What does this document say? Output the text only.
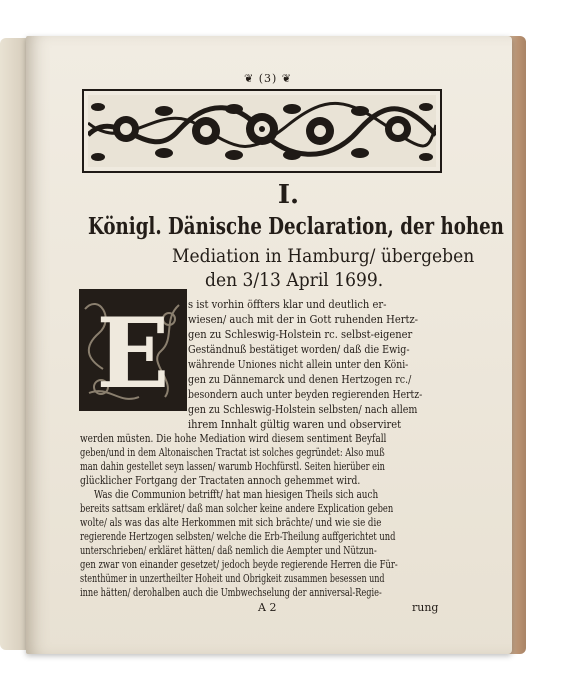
❦ (3) ❦
I.
Königl. Dänische Declaration, der hohen
Mediation in Hamburg/ übergeben
den 3/13 April 1699.
E	s ist vorhin öffters klar und deutlich er-
wiesen/ auch mit der in Gott ruhenden Hertz-
gen zu Schleswig-Holstein rc. selbst-eigener
Geständnuß bestätiget worden/ daß die Ewig-
währende Uniones nicht allein unter den Köni-
gen zu Dännemarck und denen Hertzogen rc./
besondern auch unter beyden regierenden Hertz-
gen zu Schleswig-Holstein selbsten/ nach allem
ihrem Innhalt gültig waren und observiret
werden müsten. Die hohe Mediation wird diesem sentiment Beyfall
geben/und in dem Altonaischen Tractat ist solches gegründet: Also muß
man dahin gestellet seyn lassen/ warumb Hochfürstl. Seiten hierüber ein
glücklicher Fortgang der Tractaten annoch gehemmet wird.
Was die Communion betrifft/ hat man hiesigen Theils sich auch
bereits sattsam erkläret/ daß man solcher keine andere Explication geben
wolte/ als was das alte Herkommen mit sich brächte/ und wie sie die
regierende Hertzogen selbsten/ welche die Erb-Theilung auffgerichtet und
unterschrieben/ erkläret hätten/ daß nemlich die Aempter und Nützun-
gen zwar von einander gesetzet/ jedoch beyde regierende Herren die Für-
stenthümer in unzertheilter Hoheit und Obrigkeit zusammen besessen und
inne hätten/ derohalben auch die Umbwechselung der anniversal-Regie-
A 2	rung
